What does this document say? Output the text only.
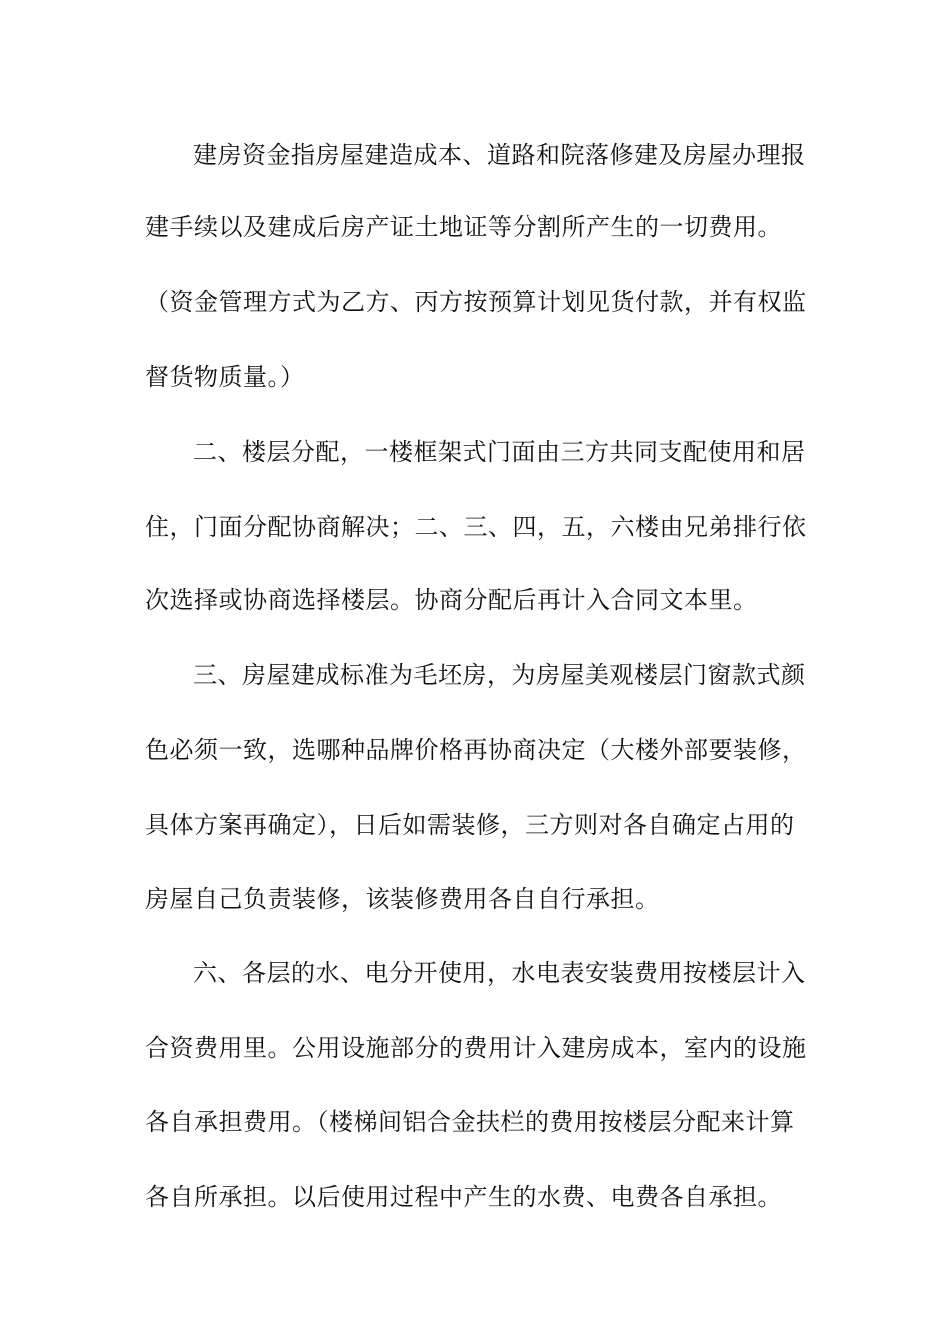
建房资金指房屋建造成本、道路和院落修建及房屋办理报

建手续以及建成后房产证土地证等分割所产生的一切费用。

（资金管理方式为乙方、丙方按预算计划见货付款，并有权监

督货物质量。）

二、楼层分配，一楼框架式门面由三方共同支配使用和居

住，门面分配协商解决；二、三、四，五，六楼由兄弟排行依

次选择或协商选择楼层。协商分配后再计入合同文本里。

三、房屋建成标准为毛坯房，为房屋美观楼层门窗款式颜

色必须一致，选哪种品牌价格再协商决定（大楼外部要装修，

具体方案再确定），日后如需装修，三方则对各自确定占用的

房屋自己负责装修，该装修费用各自自行承担。

六、各层的水、电分开使用，水电表安装费用按楼层计入

合资费用里。公用设施部分的费用计入建房成本，室内的设施

各自承担费用。（楼梯间铝合金扶栏的费用按楼层分配来计算

各自所承担。以后使用过程中产生的水费、电费各自承担。
